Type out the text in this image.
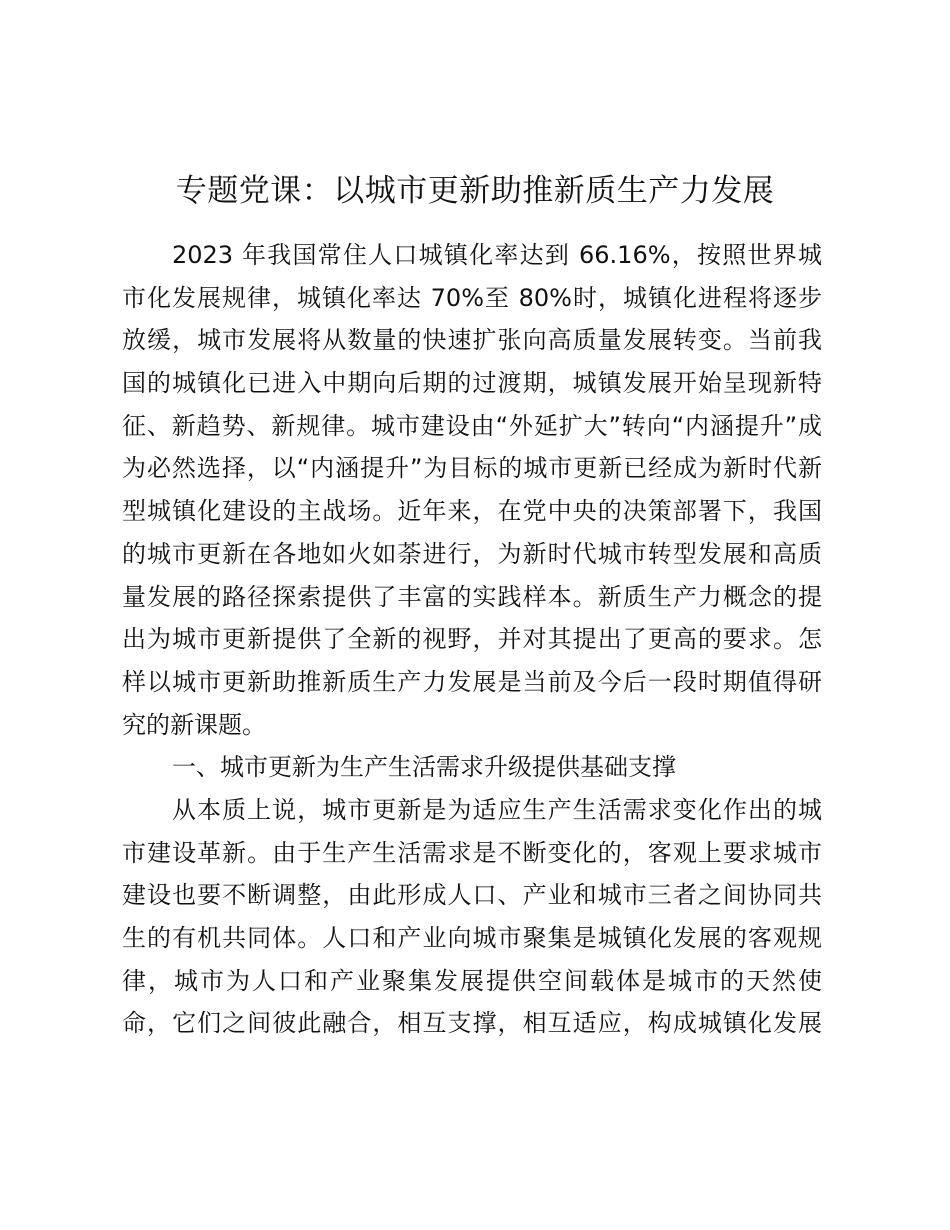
专题党课：以城市更新助推新质生产力发展
2023 年我国常住人口城镇化率达到 66.16%，按照世界城
市化发展规律，城镇化率达 70%至 80%时，城镇化进程将逐步
放缓，城市发展将从数量的快速扩张向高质量发展转变。当前我
国的城镇化已进入中期向后期的过渡期，城镇发展开始呈现新特
征、新趋势、新规律。城市建设由“外延扩大”转向“内涵提升”成
为必然选择，以“内涵提升”为目标的城市更新已经成为新时代新
型城镇化建设的主战场。近年来，在党中央的决策部署下，我国
的城市更新在各地如火如荼进行，为新时代城市转型发展和高质
量发展的路径探索提供了丰富的实践样本。新质生产力概念的提
出为城市更新提供了全新的视野，并对其提出了更高的要求。怎
样以城市更新助推新质生产力发展是当前及今后一段时期值得研
究的新课题。
一、城市更新为生产生活需求升级提供基础支撑
从本质上说，城市更新是为适应生产生活需求变化作出的城
市建设革新。由于生产生活需求是不断变化的，客观上要求城市
建设也要不断调整，由此形成人口、产业和城市三者之间协同共
生的有机共同体。人口和产业向城市聚集是城镇化发展的客观规
律，城市为人口和产业聚集发展提供空间载体是城市的天然使
命，它们之间彼此融合，相互支撑，相互适应，构成城镇化发展
